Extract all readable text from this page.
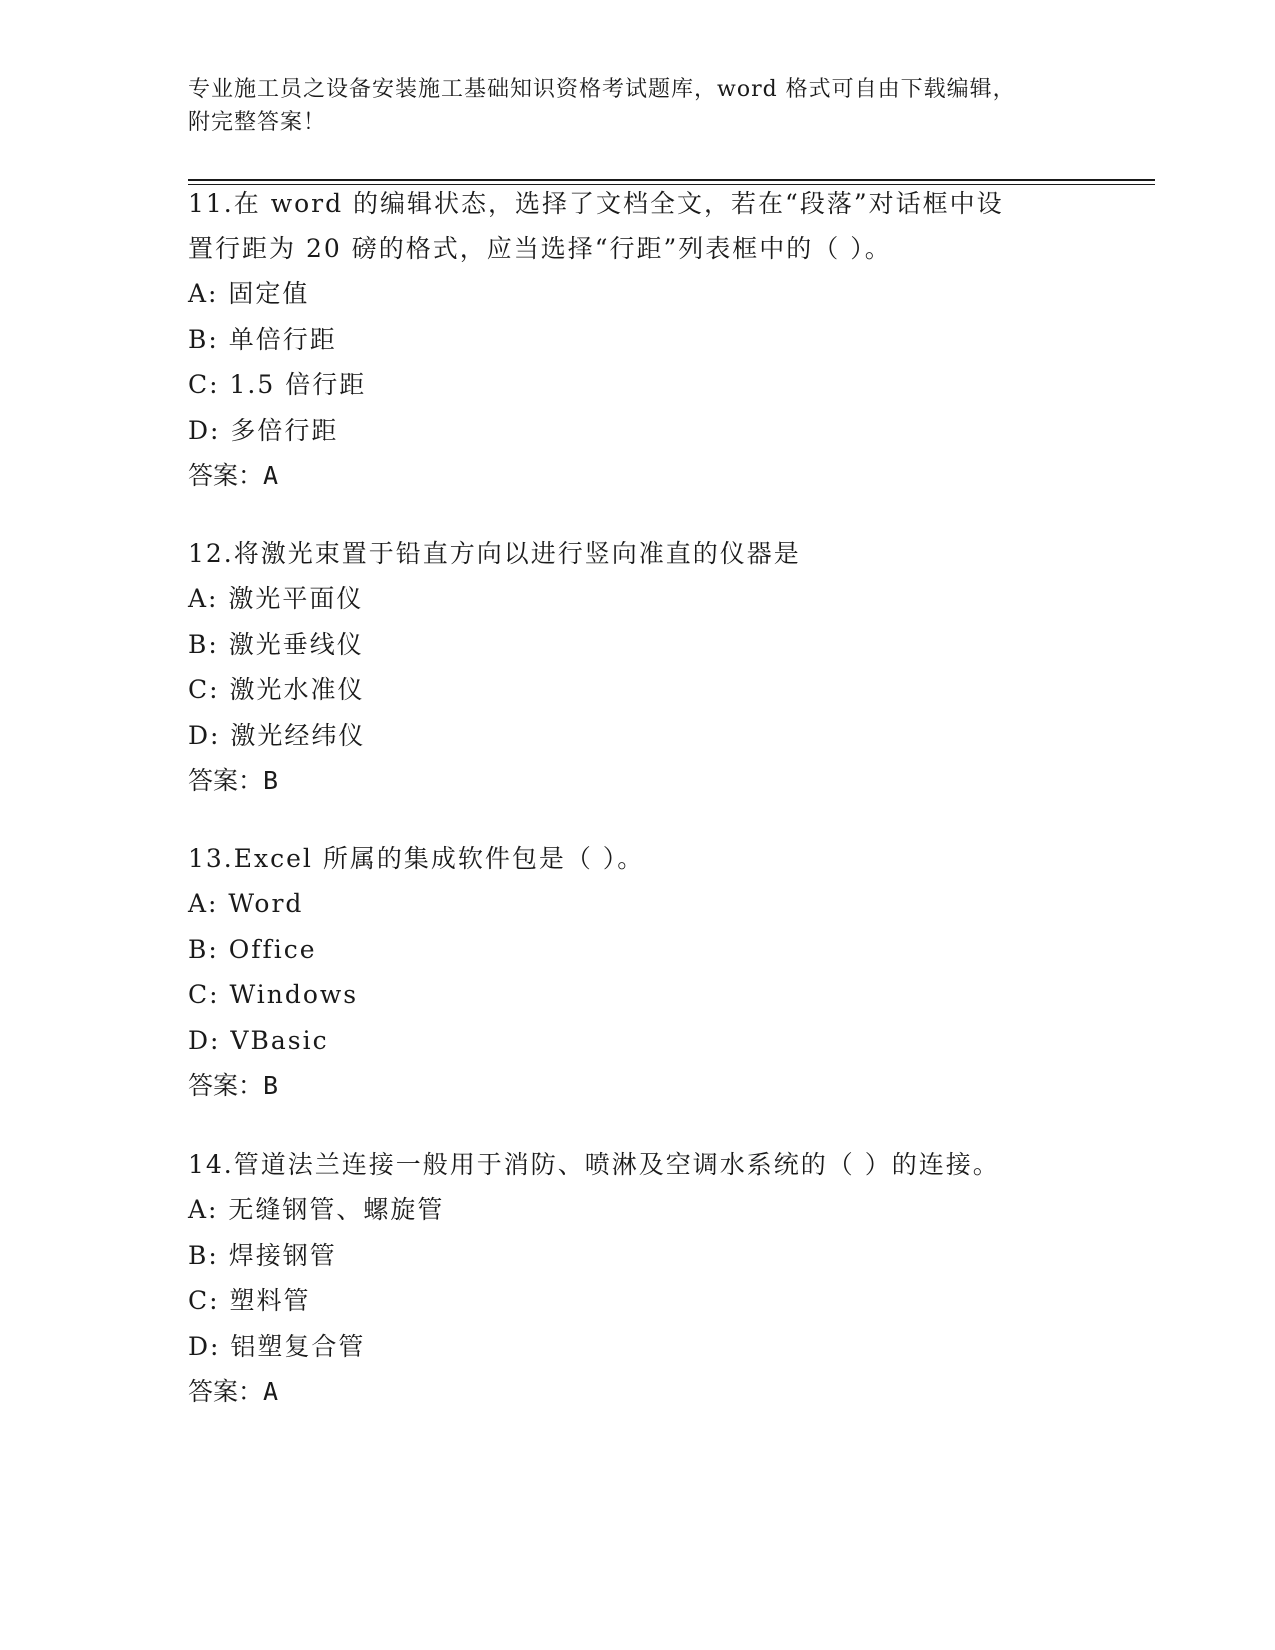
专业施工员之设备安装施工基础知识资格考试题库，word 格式可自由下载编辑，
附完整答案！

11.在 word 的编辑状态，选择了文档全文，若在“段落”对话框中设

置行距为 20 磅的格式，应当选择“行距”列表框中的（ ）。

A: 固定值

B: 单倍行距

C: 1.5 倍行距

D: 多倍行距

答案：A

12.将激光束置于铅直方向以进行竖向准直的仪器是

A: 激光平面仪

B: 激光垂线仪

C: 激光水准仪

D: 激光经纬仪

答案：B

13.Excel 所属的集成软件包是（ ）。

A: Word

B: Office

C: Windows

D: VBasic

答案：B

14.管道法兰连接一般用于消防、喷淋及空调水系统的（ ）的连接。

A: 无缝钢管、螺旋管

B: 焊接钢管

C: 塑料管

D: 铝塑复合管

答案：A
